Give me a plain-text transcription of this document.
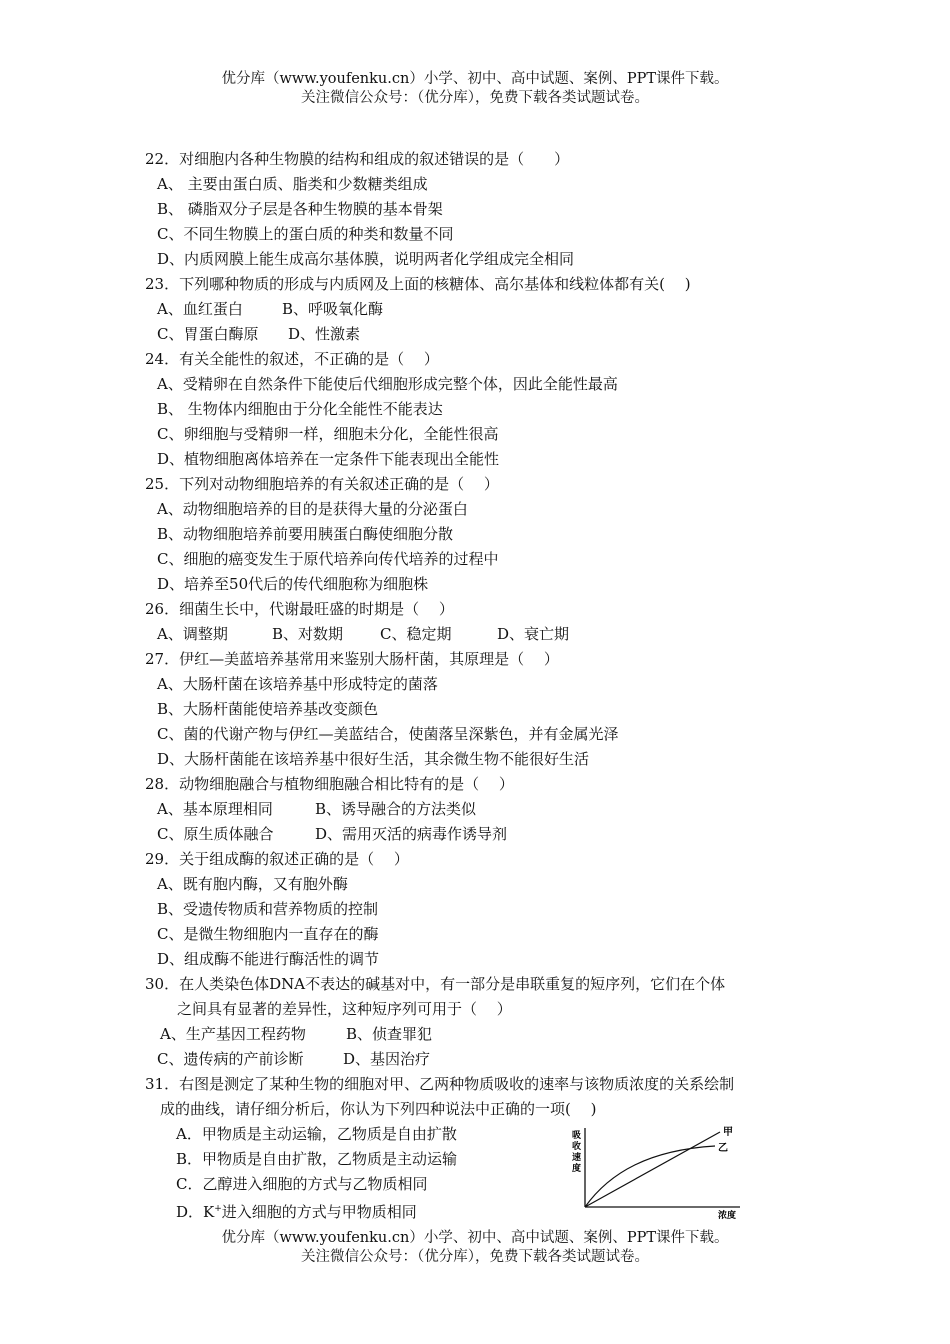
优分库（www.youfenku.cn）小学、初中、高中试题、案例、PPT课件下载。
关注微信公众号：（优分库），免费下载各类试题试卷。
22．对细胞内各种生物膜的结构和组成的叙述错误的是（　　）
A、 主要由蛋白质、脂类和少数糖类组成
B、 磷脂双分子层是各种生物膜的基本骨架
C、不同生物膜上的蛋白质的种类和数量不同
D、内质网膜上能生成高尔基体膜，说明两者化学组成完全相同
23．下列哪种物质的形成与内质网及上面的核糖体、高尔基体和线粒体都有关(　 )
A、血红蛋白	B、呼吸氧化酶
C、胃蛋白酶原 D、性激素
24．有关全能性的叙述，不正确的是（　 ）
A、受精卵在自然条件下能使后代细胞形成完整个体，因此全能性最高
B、 生物体内细胞由于分化全能性不能表达
C、卵细胞与受精卵一样，细胞未分化，全能性很高
D、植物细胞离体培养在一定条件下能表现出全能性
25．下列对动物细胞培养的有关叙述正确的是（　 ）
A、动物细胞培养的目的是获得大量的分泌蛋白
B、动物细胞培养前要用胰蛋白酶使细胞分散
C、细胞的癌变发生于原代培养向传代培养的过程中
D、培养至50代后的传代细胞称为细胞株
26．细菌生长中，代谢最旺盛的时期是（　 ）
A、调整期	B、对数期 C、稳定期	D、衰亡期
27．伊红—美蓝培养基常用来鉴别大肠杆菌，其原理是（　 ）
A、大肠杆菌在该培养基中形成特定的菌落
B、大肠杆菌能使培养基改变颜色
C、菌的代谢产物与伊红—美蓝结合，使菌落呈深紫色，并有金属光泽
D、大肠杆菌能在该培养基中很好生活，其余微生物不能很好生活
28．动物细胞融合与植物细胞融合相比特有的是（　 ）
A、基本原理相同	B、诱导融合的方法类似
C、原生质体融合	D、需用灭活的病毒作诱导剂
29．关于组成酶的叙述正确的是（　 ）
A、既有胞内酶，又有胞外酶
B、受遗传物质和营养物质的控制
C、是微生物细胞内一直存在的酶
D、组成酶不能进行酶活性的调节
30．在人类染色体DNA不表达的碱基对中，有一部分是串联重复的短序列，它们在个体
之间具有显著的差异性，这种短序列可用于（　 ）
A、生产基因工程药物	B、侦查罪犯
C、遗传病的产前诊断	D、基因治疗
31．右图是测定了某种生物的细胞对甲、乙两种物质吸收的速率与该物质浓度的关系绘制
成的曲线，请仔细分析后，你认为下列四种说法中正确的一项(　 )
A．甲物质是主动运输，乙物质是自由扩散
B．甲物质是自由扩散，乙物质是主动运输
C．乙醇进入细胞的方式与乙物质相同
D．K+进入细胞的方式与甲物质相同
吸
收
速
度
甲
乙
浓度
优分库（www.youfenku.cn）小学、初中、高中试题、案例、PPT课件下载。
关注微信公众号：（优分库），免费下载各类试题试卷。
